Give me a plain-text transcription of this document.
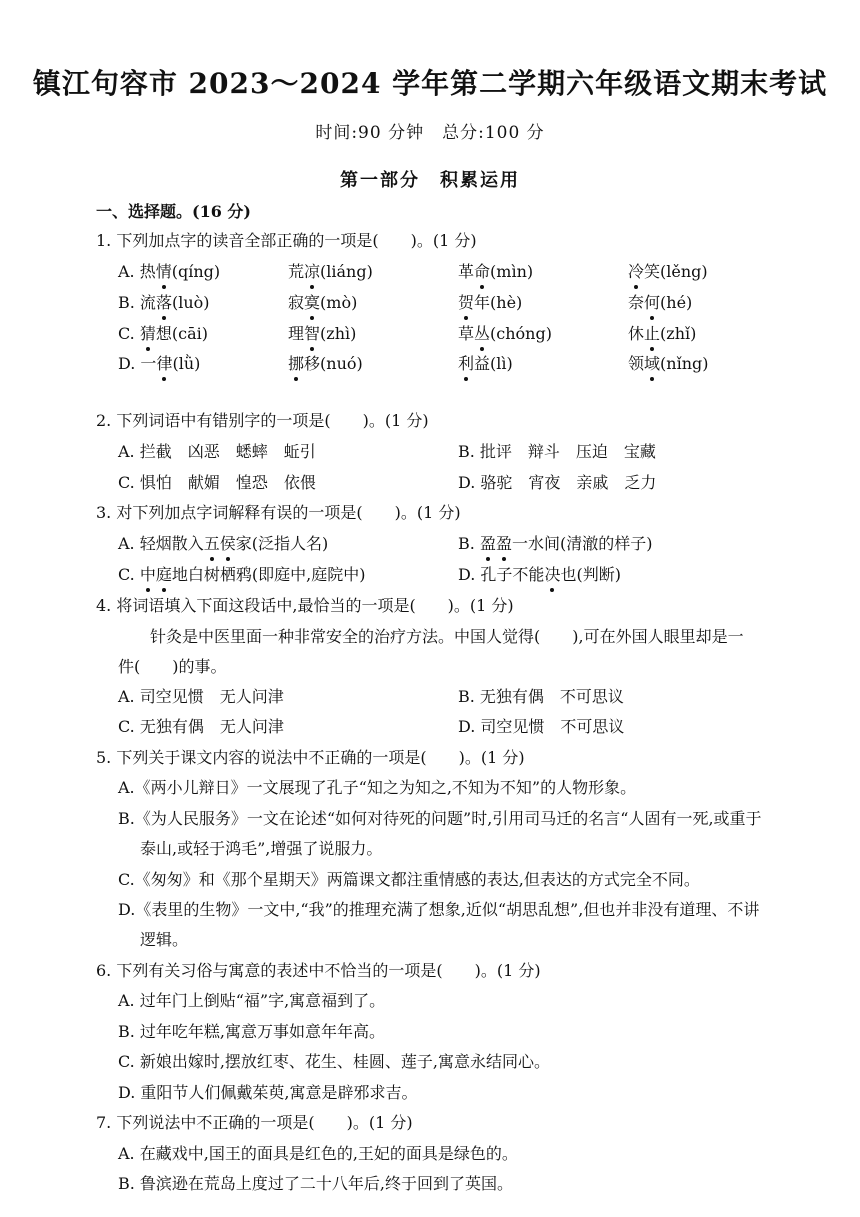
镇江句容市 2023～2024 学年第二学期六年级语文期末考试
时间:90 分钟　总分:100 分
第一部分　积累运用
一、选择题。(16 分)
1. 下列加点字的读音全部正确的一项是(　　)。(1 分)
A. 热情(qíng)	荒凉(liáng)	革命(mìn)	冷笑(lěng)
B. 流落(luò)	寂寞(mò)	贺年(hè)	奈何(hé)
C. 猜想(cāi)	理智(zhì)	草丛(chóng)	休止(zhǐ)
D. 一律(lǜ)	挪移(nuó)	利益(lì)	领域(nǐng)
2. 下列词语中有错别字的一项是(　　)。(1 分)
A. 拦截　凶恶　蟋蟀　蚯引	B. 批评　辩斗　压迫　宝藏
C. 惧怕　献媚　惶恐　依偎	D. 骆驼　宵夜　亲戚　乏力
3. 对下列加点字词解释有误的一项是(　　)。(1 分)
A. 轻烟散入五侯家(泛指人名)	B. 盈盈一水间(清澈的样子)
C. 中庭地白树栖鸦(即庭中,庭院中)	D. 孔子不能决也(判断)
4. 将词语填入下面这段话中,最恰当的一项是(　　)。(1 分)
针灸是中医里面一种非常安全的治疗方法。中国人觉得(　　),可在外国人眼里却是一
件(　　)的事。
A. 司空见惯　无人问津	B. 无独有偶　不可思议
C. 无独有偶　无人问津	D. 司空见惯　不可思议
5. 下列关于课文内容的说法中不正确的一项是(　　)。(1 分)
A.《两小儿辩日》一文展现了孔子“知之为知之,不知为不知”的人物形象。
B.《为人民服务》一文在论述“如何对待死的问题”时,引用司马迁的名言“人固有一死,或重于
泰山,或轻于鸿毛”,增强了说服力。
C.《匆匆》和《那个星期天》两篇课文都注重情感的表达,但表达的方式完全不同。
D.《表里的生物》一文中,“我”的推理充满了想象,近似“胡思乱想”,但也并非没有道理、不讲
逻辑。
6. 下列有关习俗与寓意的表述中不恰当的一项是(　　)。(1 分)
A. 过年门上倒贴“福”字,寓意福到了。
B. 过年吃年糕,寓意万事如意年年高。
C. 新娘出嫁时,摆放红枣、花生、桂圆、莲子,寓意永结同心。
D. 重阳节人们佩戴茱萸,寓意是辟邪求吉。
7. 下列说法中不正确的一项是(　　)。(1 分)
A. 在藏戏中,国王的面具是红色的,王妃的面具是绿色的。
B. 鲁滨逊在荒岛上度过了二十八年后,终于回到了英国。
